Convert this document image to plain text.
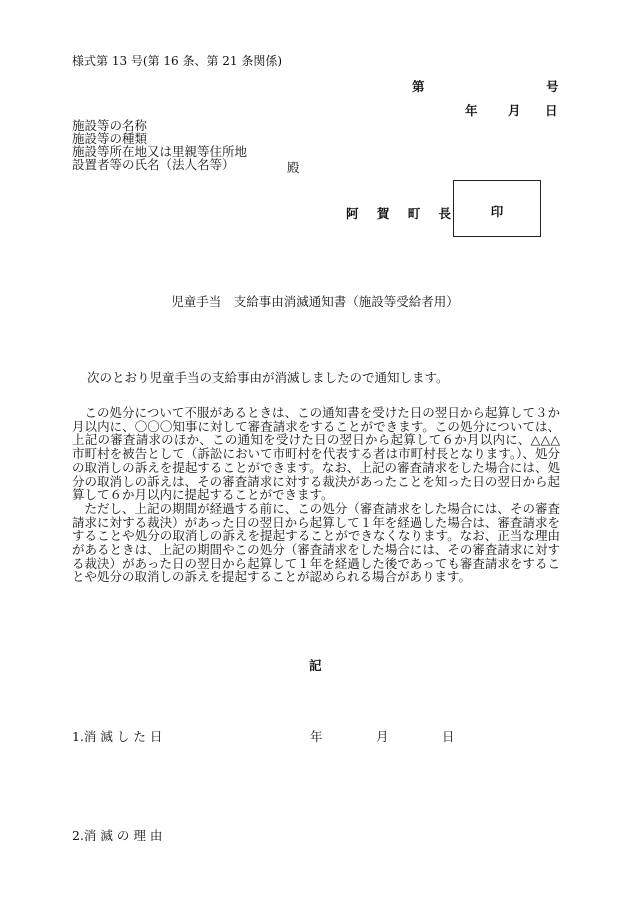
様式第 13 号(第 16 条、第 21 条関係)
第	号
年 月 日
施設等の名称
施設等の種類
施設等所在地又は里親等住所地
設置者等の氏名（法人名等）	殿
阿 賀 町 長	印
児童手当　支給事由消滅通知書（施設等受給者用）
次のとおり児童手当の支給事由が消滅しましたので通知します。

この処分について不服があるときは、この通知書を受けた日の翌日から起算して３か月以内に、〇〇〇知事に対して審査請求をすることができます。この処分については、上記の審査請求のほか、この通知を受けた日の翌日から起算して６か月以内に、△△△市町村を被告として（訴訟において市町村を代表する者は市町村長となります。）、処分の取消しの訴えを提起することができます。なお、上記の審査請求をした場合には、処分の取消しの訴えは、その審査請求に対する裁決があったことを知った日の翌日から起算して６か月以内に提起することができます。

ただし、上記の期間が経過する前に、この処分（審査請求をした場合には、その審査請求に対する裁決）があった日の翌日から起算して１年を経過した場合は、審査請求をすることや処分の取消しの訴えを提起することができなくなります。なお、正当な理由があるときは、上記の期間やこの処分（審査請求をした場合には、その審査請求に対する裁決）があった日の翌日から起算して１年を経過した後であっても審査請求をすることや処分の取消しの訴えを提起することが認められる場合があります。

記
1.消 滅 し た 日	年	月	日
2.消 滅 の 理 由
